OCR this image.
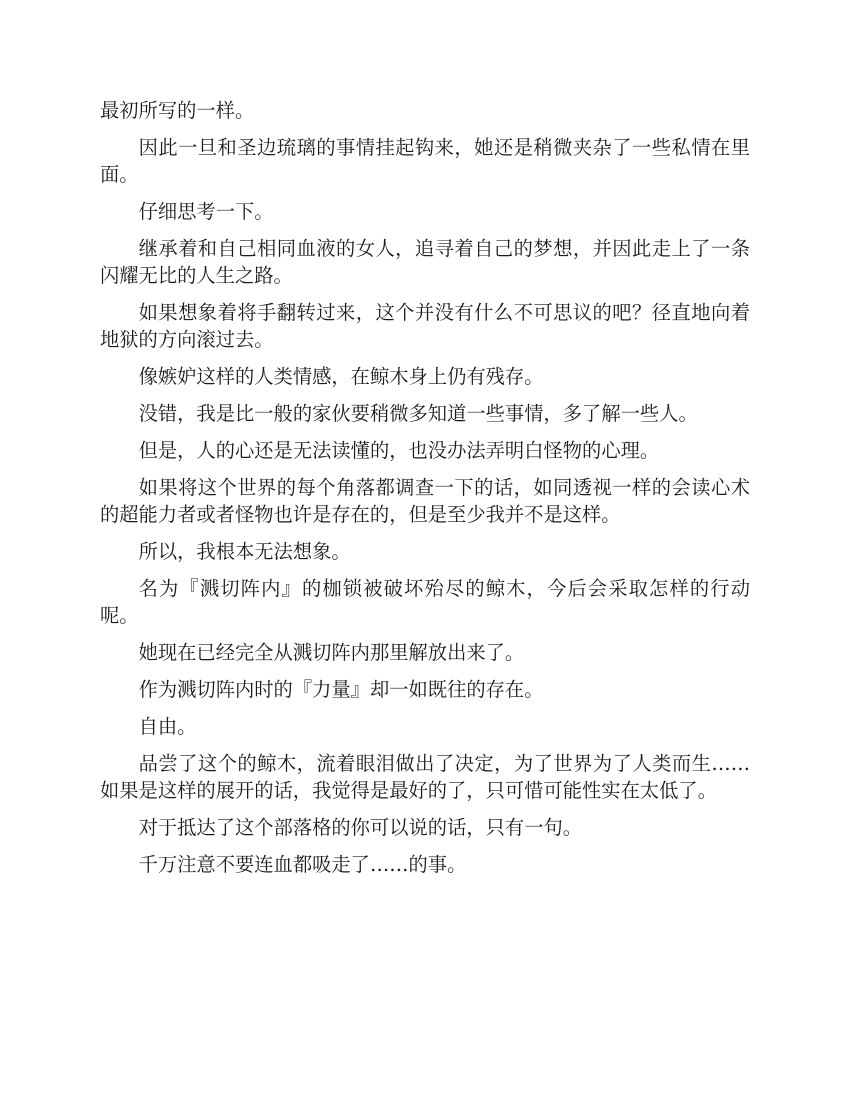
最初所写的一样。

因此一旦和圣边琉璃的事情挂起钩来，她还是稍微夹杂了一些私情在里面。

仔细思考一下。

继承着和自己相同血液的女人，追寻着自己的梦想，并因此走上了一条闪耀无比的人生之路。

如果想象着将手翻转过来，这个并没有什么不可思议的吧？径直地向着地狱的方向滚过去。

像嫉妒这样的人类情感，在鲸木身上仍有残存。

没错，我是比一般的家伙要稍微多知道一些事情，多了解一些人。

但是，人的心还是无法读懂的，也没办法弄明白怪物的心理。

如果将这个世界的每个角落都调查一下的话，如同透视一样的会读心术的超能力者或者怪物也许是存在的，但是至少我并不是这样。

所以，我根本无法想象。

名为『溅切阵内』的枷锁被破坏殆尽的鲸木，今后会采取怎样的行动呢。

她现在已经完全从溅切阵内那里解放出来了。

作为溅切阵内时的『力量』却一如既往的存在。

自由。

品尝了这个的鲸木，流着眼泪做出了决定，为了世界为了人类而生……如果是这样的展开的话，我觉得是最好的了，只可惜可能性实在太低了。

对于抵达了这个部落格的你可以说的话，只有一句。

千万注意不要连血都吸走了……的事。
